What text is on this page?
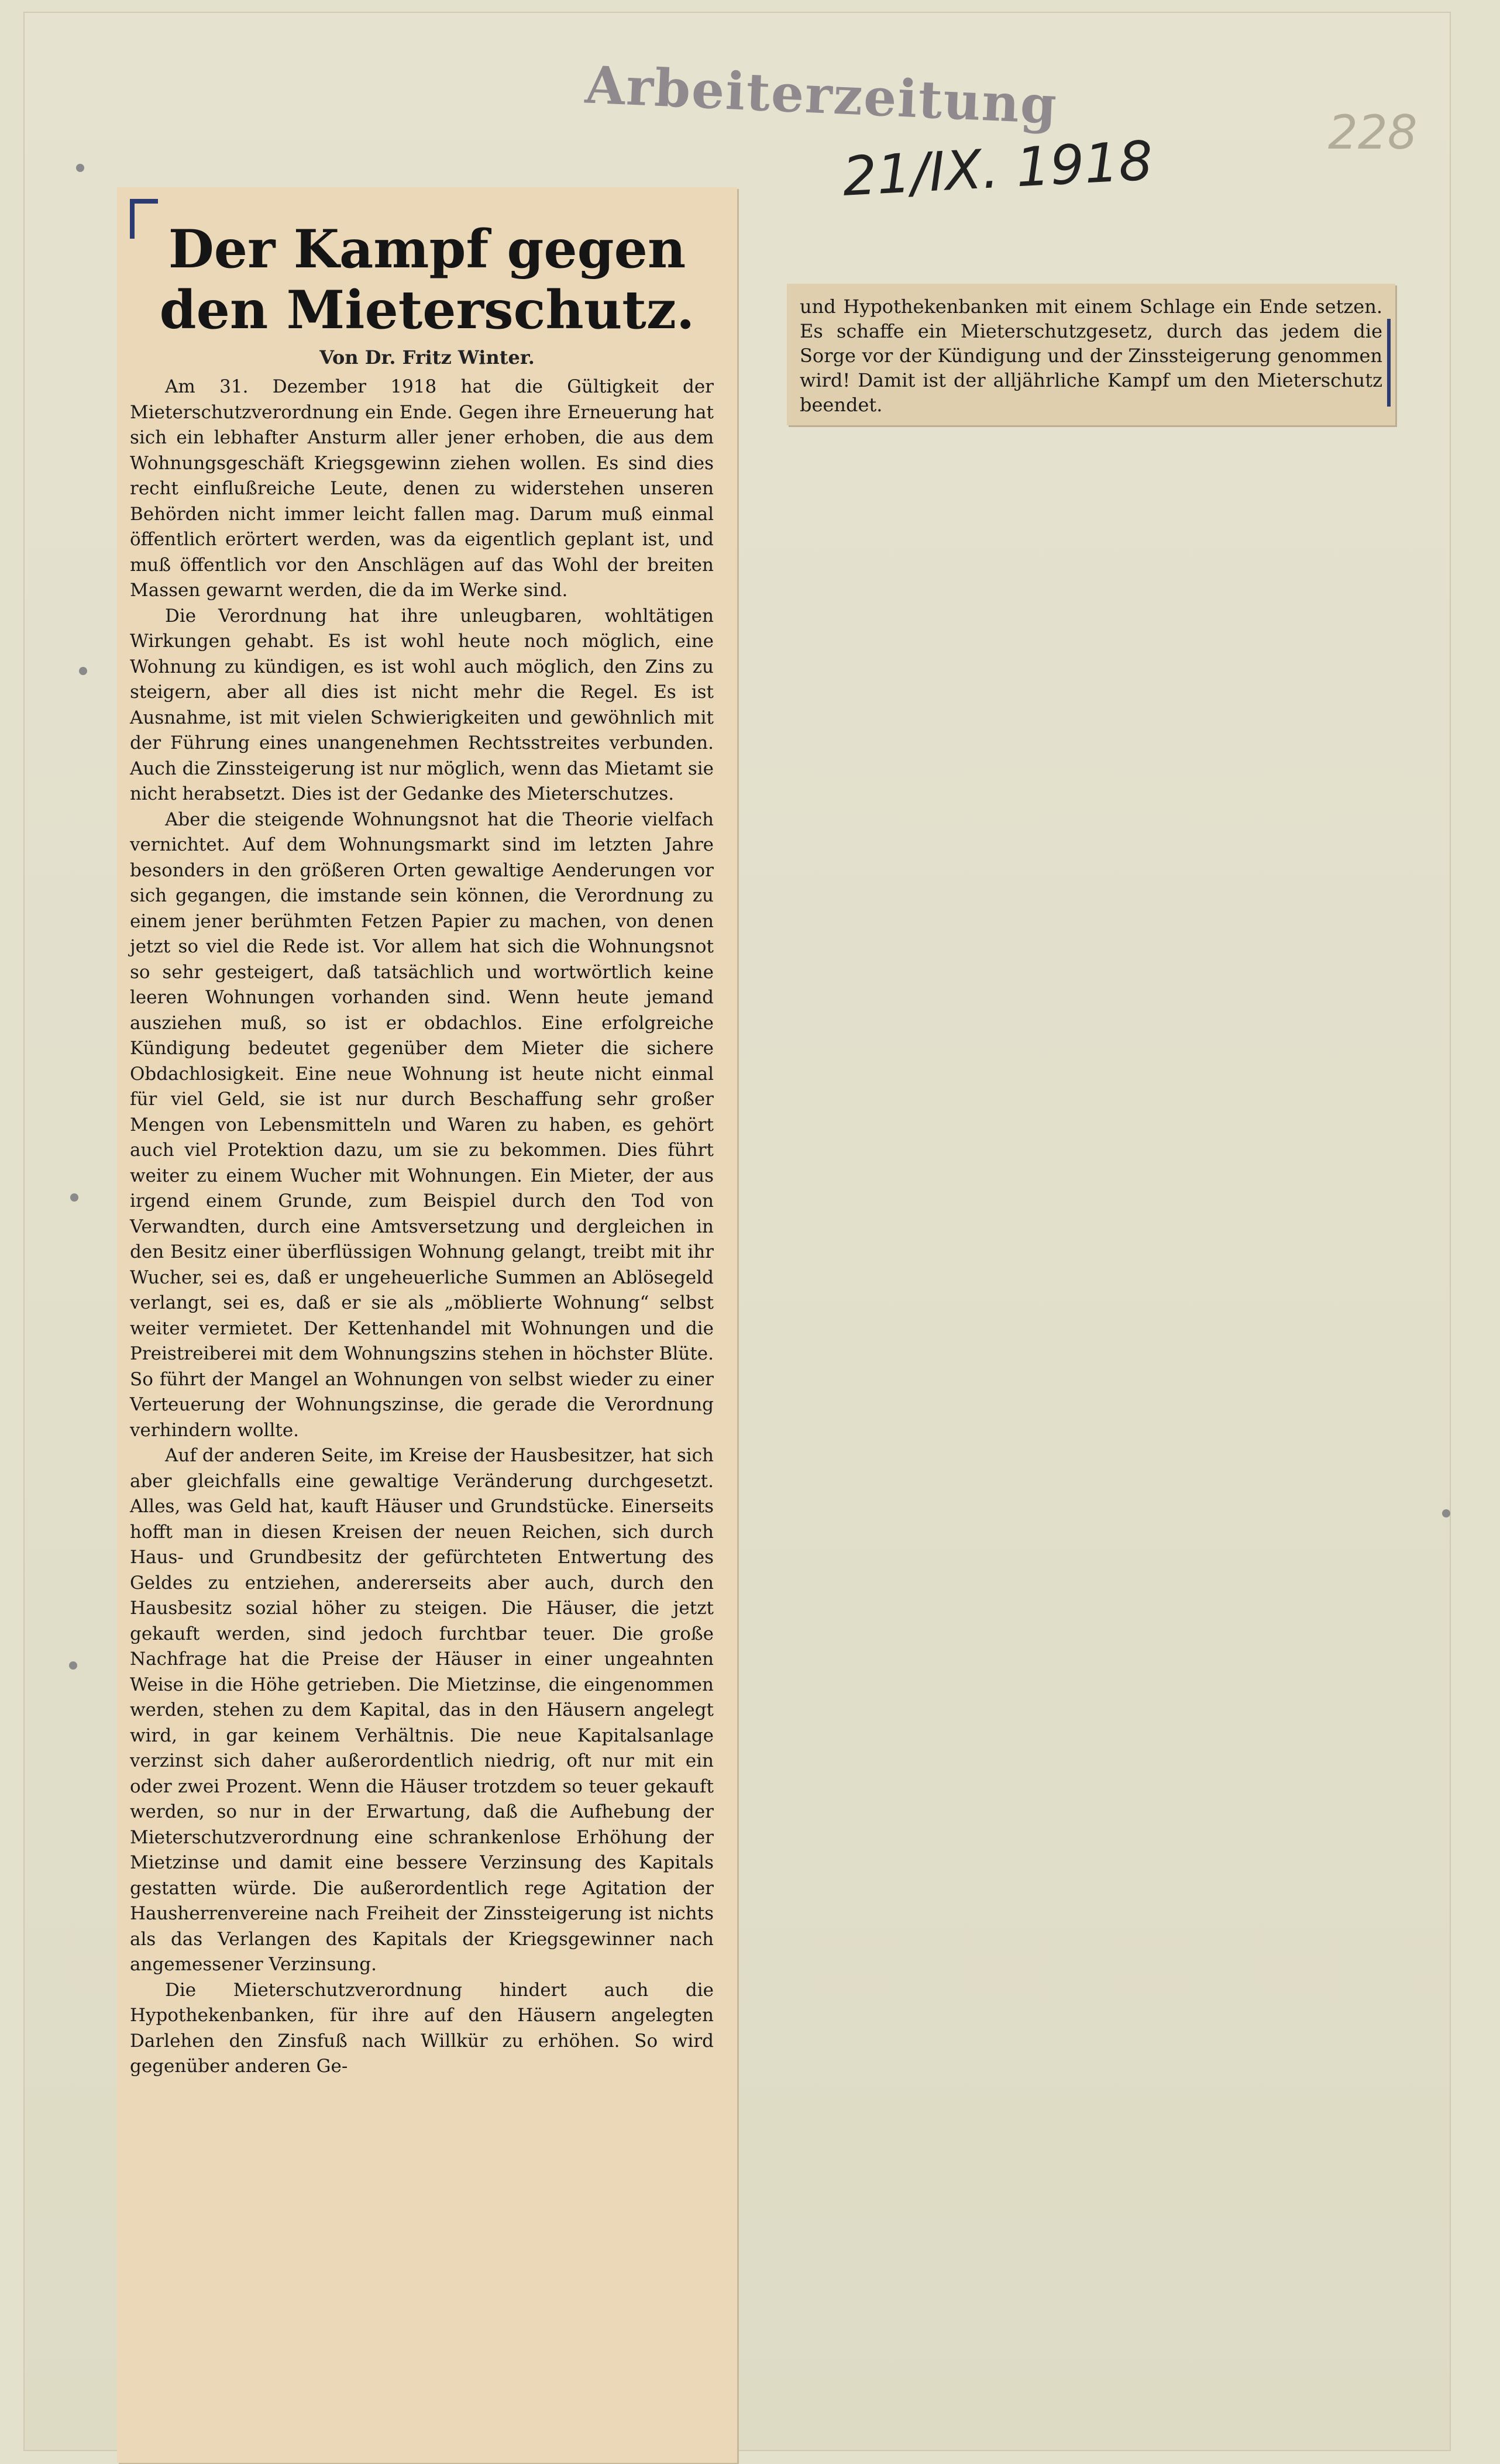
Arbeiterzeitung
21/IX. 1918	228
Der Kampf gegen den Mieterschutz.
Von Dr. Fritz Winter.

Am 31. Dezember 1918 hat die Gültigkeit der Mieterschutzverordnung ein Ende. Gegen ihre Erneuerung hat sich ein lebhafter Ansturm aller jener erhoben, die aus dem Wohnungsgeschäft Kriegsgewinn ziehen wollen. Es sind dies recht einflußreiche Leute, denen zu widerstehen unseren Behörden nicht immer leicht fallen mag. Darum muß einmal öffentlich erörtert werden, was da eigentlich geplant ist, und muß öffentlich vor den Anschlägen auf das Wohl der breiten Massen gewarnt werden, die da im Werke sind.

Die Verordnung hat ihre unleugbaren, wohltätigen Wirkungen gehabt. Es ist wohl heute noch möglich, eine Wohnung zu kündigen, es ist wohl auch möglich, den Zins zu steigern, aber all dies ist nicht mehr die Regel. Es ist Ausnahme, ist mit vielen Schwierigkeiten und gewöhnlich mit der Führung eines unangenehmen Rechtsstreites verbunden. Auch die Zinssteigerung ist nur möglich, wenn das Mietamt sie nicht herabsetzt. Dies ist der Gedanke des Mieterschutzes.

Aber die steigende Wohnungsnot hat die Theorie vielfach vernichtet. Auf dem Wohnungsmarkt sind im letzten Jahre besonders in den größeren Orten gewaltige Aenderungen vor sich gegangen, die imstande sein können, die Verordnung zu einem jener berühmten Fetzen Papier zu machen, von denen jetzt so viel die Rede ist. Vor allem hat sich die Wohnungsnot so sehr gesteigert, daß tatsächlich und wortwörtlich keine leeren Wohnungen vorhanden sind. Wenn heute jemand ausziehen muß, so ist er obdachlos. Eine erfolgreiche Kündigung bedeutet gegenüber dem Mieter die sichere Obdachlosigkeit. Eine neue Wohnung ist heute nicht einmal für viel Geld, sie ist nur durch Beschaffung sehr großer Mengen von Lebensmitteln und Waren zu haben, es gehört auch viel Protektion dazu, um sie zu bekommen. Dies führt weiter zu einem Wucher mit Wohnungen. Ein Mieter, der aus irgend einem Grunde, zum Beispiel durch den Tod von Verwandten, durch eine Amtsversetzung und dergleichen in den Besitz einer überflüssigen Wohnung gelangt, treibt mit ihr Wucher, sei es, daß er ungeheuerliche Summen an Ablösegeld verlangt, sei es, daß er sie als „möblierte Wohnung“ selbst weiter vermietet. Der Kettenhandel mit Wohnungen und die Preistreiberei mit dem Wohnungszins stehen in höchster Blüte. So führt der Mangel an Wohnungen von selbst wieder zu einer Verteuerung der Wohnungszinse, die gerade die Verordnung verhindern wollte.

Auf der anderen Seite, im Kreise der Hausbesitzer, hat sich aber gleichfalls eine gewaltige Veränderung durchgesetzt. Alles, was Geld hat, kauft Häuser und Grundstücke. Einerseits hofft man in diesen Kreisen der neuen Reichen, sich durch Haus- und Grundbesitz der gefürchteten Entwertung des Geldes zu entziehen, andererseits aber auch, durch den Hausbesitz sozial höher zu steigen. Die Häuser, die jetzt gekauft werden, sind jedoch furchtbar teuer. Die große Nachfrage hat die Preise der Häuser in einer ungeahnten Weise in die Höhe getrieben. Die Mietzinse, die eingenommen werden, stehen zu dem Kapital, das in den Häusern angelegt wird, in gar keinem Verhältnis. Die neue Kapitalsanlage verzinst sich daher außerordentlich niedrig, oft nur mit ein oder zwei Prozent. Wenn die Häuser trotzdem so teuer gekauft werden, so nur in der Erwartung, daß die Aufhebung der Mieterschutzverordnung eine schrankenlose Erhöhung der Mietzinse und damit eine bessere Verzinsung des Kapitals gestatten würde. Die außerordentlich rege Agitation der Hausherrenvereine nach Freiheit der Zinssteigerung ist nichts als das Verlangen des Kapitals der Kriegsgewinner nach angemessener Verzinsung.

Die Mieterschutzverordnung hindert auch die Hypothekenbanken, für ihre auf den Häusern angelegten Darlehen den Zinsfuß nach Willkür zu erhöhen. So wird gegenüber anderen Ge-

und Hypothekenbanken mit einem Schlage ein Ende setzen. Es schaffe ein Mieterschutzgesetz, durch das jedem die Sorge vor der Kündigung und der Zinssteigerung genommen wird! Damit ist der alljährliche Kampf um den Mieterschutz beendet.
